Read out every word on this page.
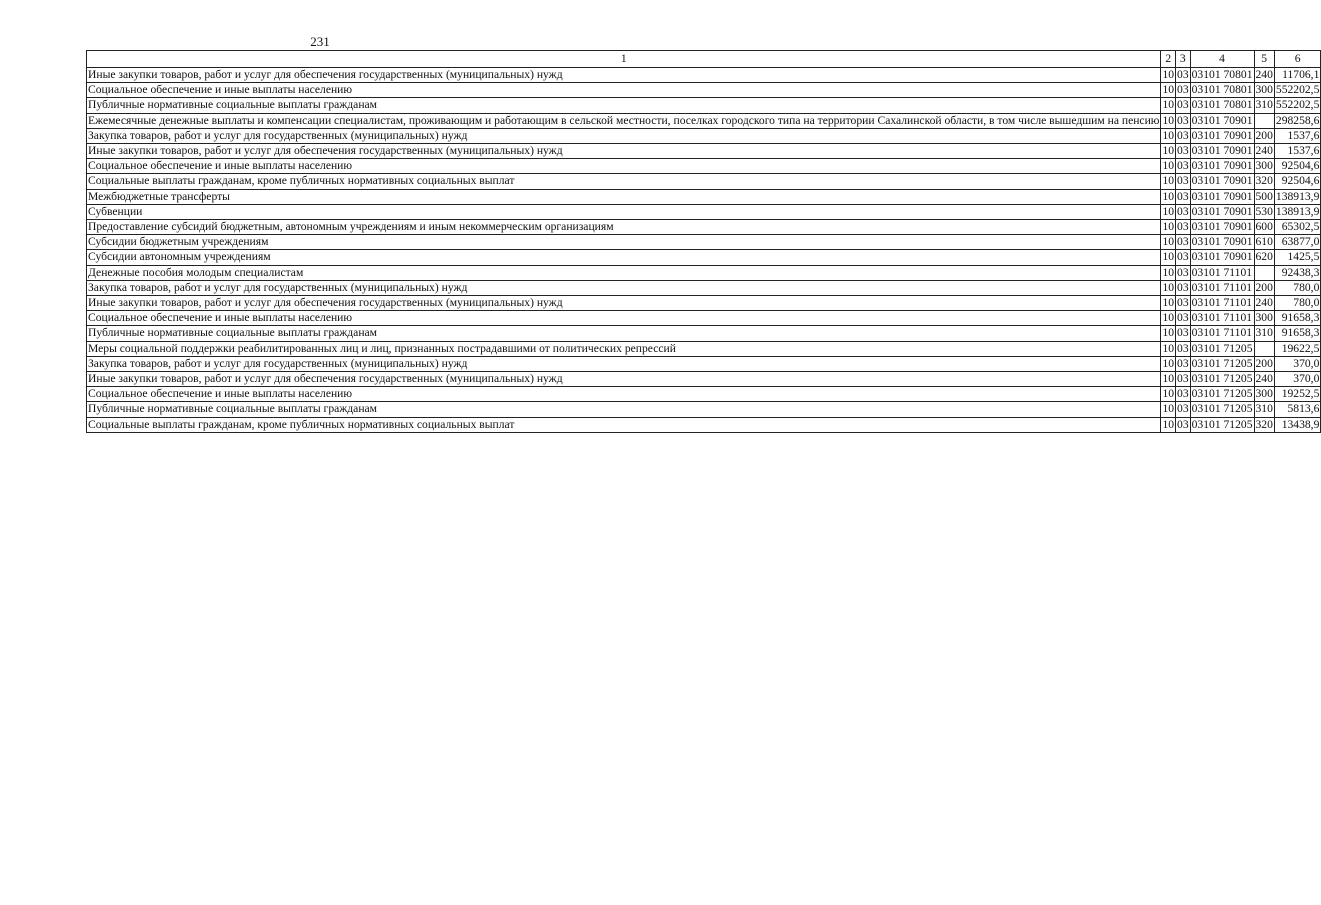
231
1	2	3	4	5	6
Иные закупки товаров, работ и услуг для обеспечения государственных (муниципальных) нужд	10	03	03101 70801	240	11706,1
Социальное обеспечение и иные выплаты населению	10	03	03101 70801	300	552202,5
Публичные нормативные социальные выплаты гражданам	10	03	03101 70801	310	552202,5
Ежемесячные денежные выплаты и компенсации специалистам, проживающим и работающим в сельской местности, поселках городского типа на территории Сахалинской области, в том числе вышедшим на пенсию	10	03	03101 70901		298258,6
Закупка товаров, работ и услуг для государственных (муниципальных) нужд	10	03	03101 70901	200	1537,6
Иные закупки товаров, работ и услуг для обеспечения государственных (муниципальных) нужд	10	03	03101 70901	240	1537,6
Социальное обеспечение и иные выплаты населению	10	03	03101 70901	300	92504,6
Социальные выплаты гражданам, кроме публичных нормативных социальных выплат	10	03	03101 70901	320	92504,6
Межбюджетные трансферты	10	03	03101 70901	500	138913,9
Субвенции	10	03	03101 70901	530	138913,9
Предоставление субсидий бюджетным, автономным учреждениям и иным некоммерческим организациям	10	03	03101 70901	600	65302,5
Субсидии бюджетным учреждениям	10	03	03101 70901	610	63877,0
Субсидии автономным учреждениям	10	03	03101 70901	620	1425,5
Денежные пособия молодым специалистам	10	03	03101 71101		92438,3
Закупка товаров, работ и услуг для государственных (муниципальных) нужд	10	03	03101 71101	200	780,0
Иные закупки товаров, работ и услуг для обеспечения государственных (муниципальных) нужд	10	03	03101 71101	240	780,0
Социальное обеспечение и иные выплаты населению	10	03	03101 71101	300	91658,3
Публичные нормативные социальные выплаты гражданам	10	03	03101 71101	310	91658,3
Меры социальной поддержки реабилитированных лиц и лиц, признанных пострадавшими от политических репрессий	10	03	03101 71205		19622,5
Закупка товаров, работ и услуг для государственных (муниципальных) нужд	10	03	03101 71205	200	370,0
Иные закупки товаров, работ и услуг для обеспечения государственных (муниципальных) нужд	10	03	03101 71205	240	370,0
Социальное обеспечение и иные выплаты населению	10	03	03101 71205	300	19252,5
Публичные нормативные социальные выплаты гражданам	10	03	03101 71205	310	5813,6
Социальные выплаты гражданам, кроме публичных нормативных социальных выплат	10	03	03101 71205	320	13438,9
